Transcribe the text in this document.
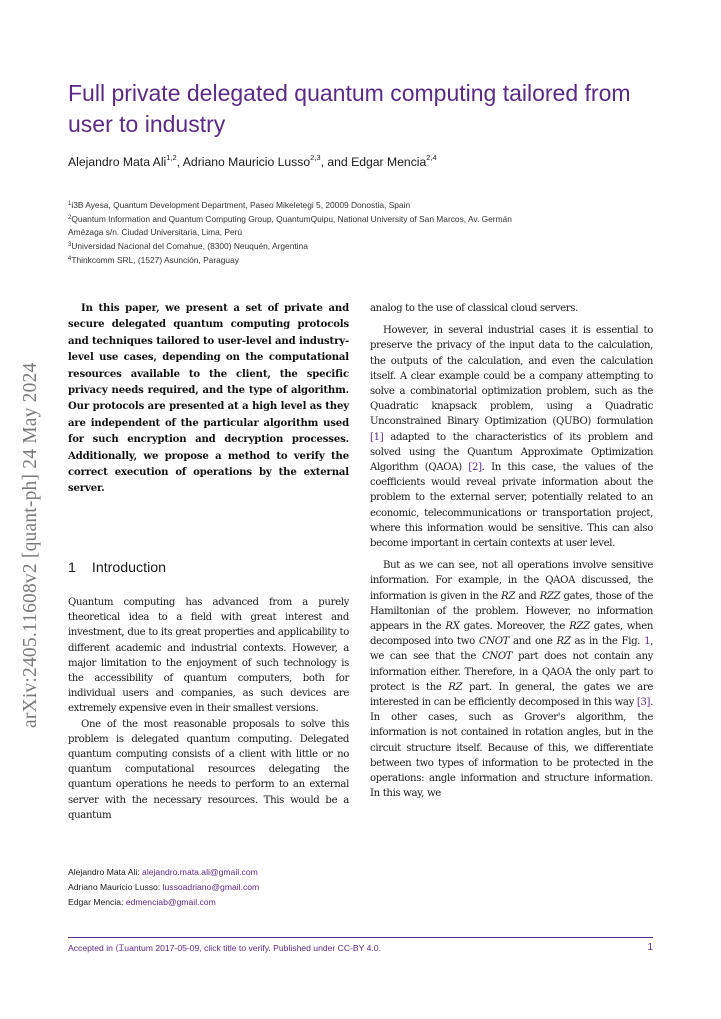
arXiv:2405.11608v2 [quant-ph] 24 May 2024
Full private delegated quantum computing tailored from user to industry
Alejandro Mata Ali$^{1,2}$, Adriano Mauricio Lusso$^{2,3}$, and Edgar Mencia$^{2,4}$
$^1$i3B Ayesa, Quantum Development Department, Paseo Mikeletegi 5, 20009 Donostia, Spain
$^2$Quantum Information and Quantum Computing Group, QuantumQuipu, National University of San Marcos, Av. Germán
Amézaga s/n. Ciudad Universitaria, Lima, Perú
$^3$Universidad Nacional del Comahue, (8300) Neuquén, Argentina
$^4$Thinkcomm SRL, (1527) Asunción, Paraguay

In this paper, we present a set of private and secure delegated quantum computing protocols and techniques tailored to user-level and industry-level use cases, depending on the computational resources available to the client, the specific privacy needs required, and the type of algorithm. Our protocols are presented at a high level as they are independent of the particular algorithm used for such encryption and decryption processes. Additionally, we propose a method to verify the correct execution of operations by the external server.

1 Introduction

Quantum computing has advanced from a purely theoretical idea to a field with great interest and investment, due to its great properties and applicability to different academic and industrial contexts. However, a major limitation to the enjoyment of such technology is the accessibility of quantum computers, both for individual users and companies, as such devices are extremely expensive even in their smallest versions.

One of the most reasonable proposals to solve this problem is delegated quantum computing. Delegated quantum computing consists of a client with little or no quantum computational resources delegating the quantum operations he needs to perform to an external server with the necessary resources. This would be a quantum

Alejandro Mata Ali: alejandro.mata.ali@gmail.com
Adriano Mauricio Lusso: lussoadriano@gmail.com
Edgar Mencia: edmenciab@gmail.com

analog to the use of classical cloud servers.

However, in several industrial cases it is essential to preserve the privacy of the input data to the calculation, the outputs of the calculation, and even the calculation itself. A clear example could be a company attempting to solve a combinatorial optimization problem, such as the Quadratic knapsack problem, using a Quadratic Unconstrained Binary Optimization (QUBO) formulation [1] adapted to the characteristics of its problem and solved using the Quantum Approximate Optimization Algorithm (QAOA) [2]. In this case, the values of the coefficients would reveal private information about the problem to the external server, potentially related to an economic, telecommunications or transportation project, where this information would be sensitive. This can also become important in certain contexts at user level.

But as we can see, not all operations involve sensitive information. For example, in the QAOA discussed, the information is given in the RZ and RZZ gates, those of the Hamiltonian of the problem. However, no information appears in the RX gates. Moreover, the RZZ gates, when decomposed into two CNOT and one RZ as in the Fig. 1, we can see that the CNOT part does not contain any information either. Therefore, in a QAOA the only part to protect is the RZ part. In general, the gates we are interested in can be efficiently decomposed in this way [3]. In other cases, such as Grover's algorithm, the information is not contained in rotation angles, but in the circuit structure itself. Because of this, we differentiate between two types of information to be protected in the operations: angle information and structure information. In this way, we

Accepted in ⟨Ꮖuantum 2017-05-09, click title to verify. Published under CC-BY 4.0.	1
